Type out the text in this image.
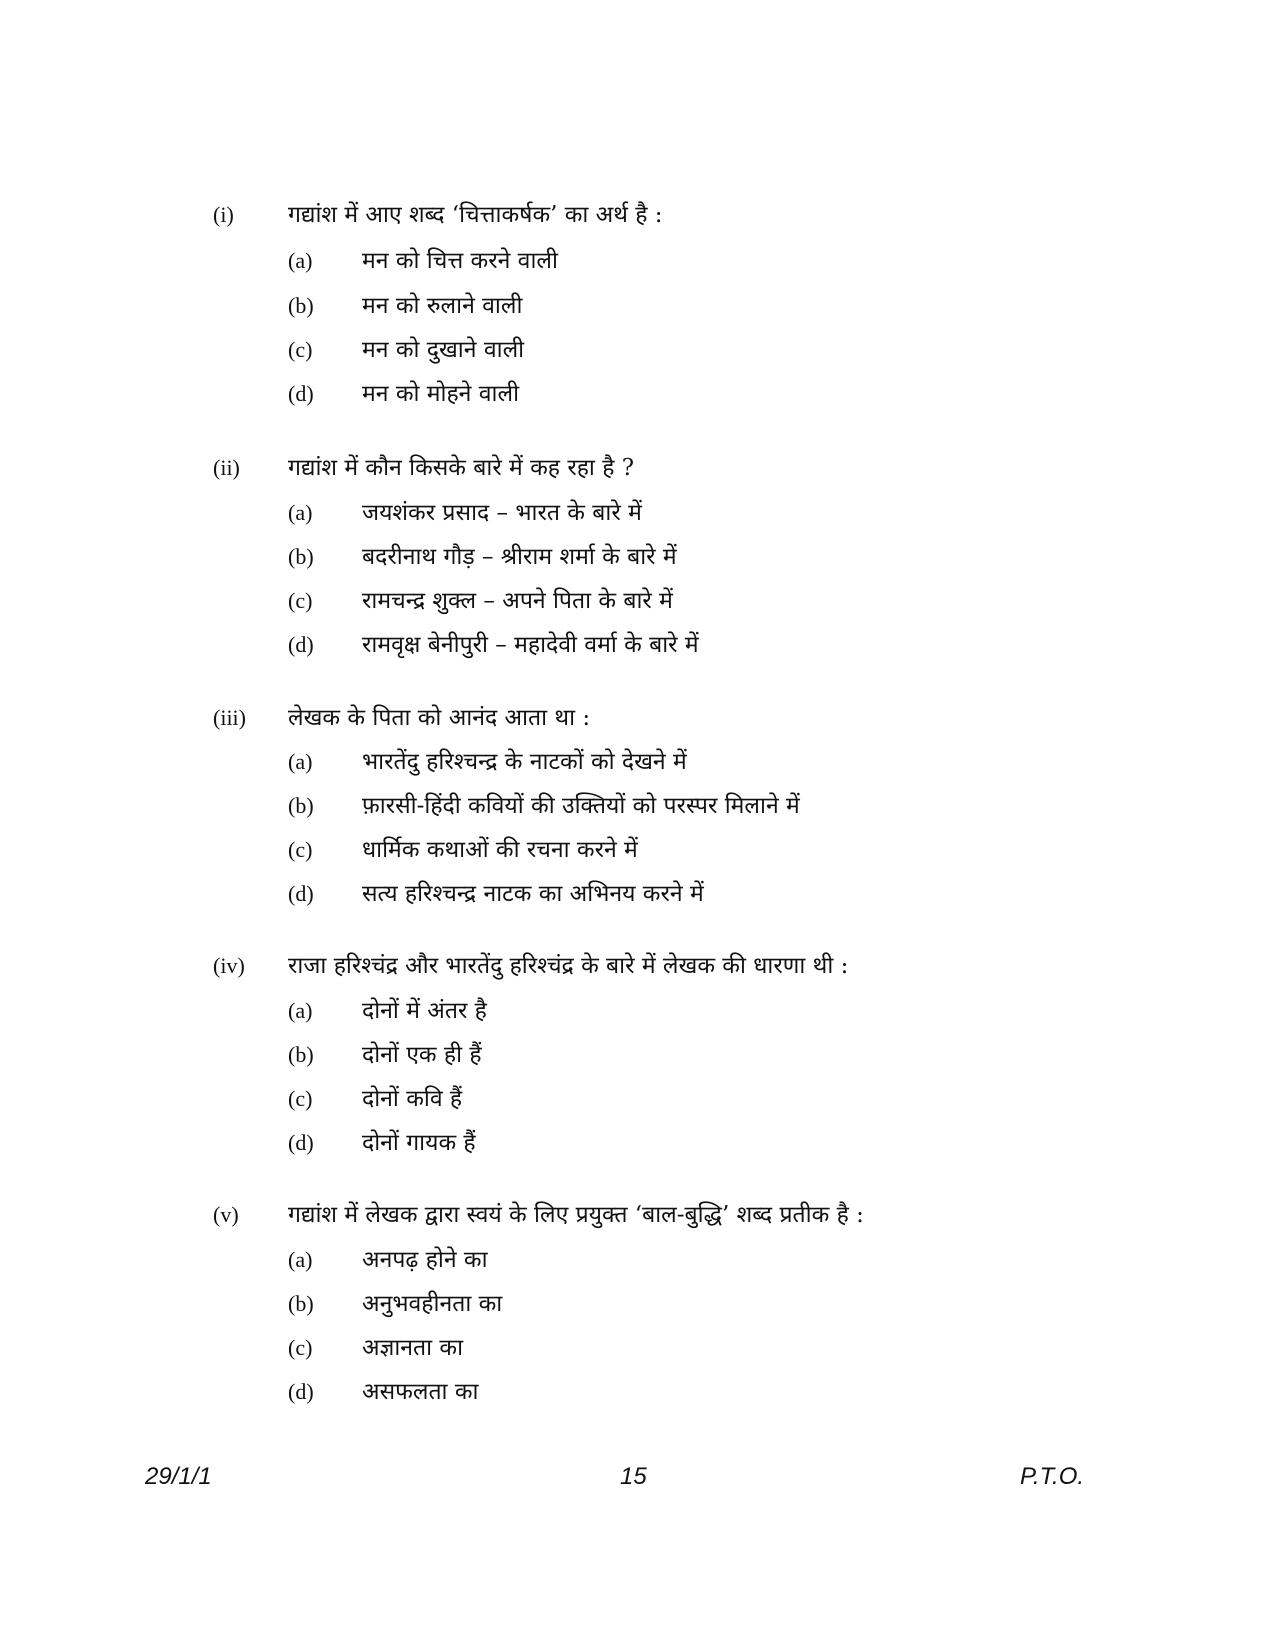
(i) गद्यांश में आए शब्द ‘चित्ताकर्षक’ का अर्थ है :
(a) मन को चित्त करने वाली
(b) मन को रुलाने वाली
(c) मन को दुखाने वाली
(d) मन को मोहने वाली
(ii) गद्यांश में कौन किसके बारे में कह रहा है ?
(a) जयशंकर प्रसाद – भारत के बारे में
(b) बदरीनाथ गौड़ – श्रीराम शर्मा के बारे में
(c) रामचन्द्र शुक्ल – अपने पिता के बारे में
(d) रामवृक्ष बेनीपुरी – महादेवी वर्मा के बारे में
(iii) लेखक के पिता को आनंद आता था :
(a) भारतेंदु हरिश्चन्द्र के नाटकों को देखने में
(b) फ़ारसी-हिंदी कवियों की उक्तियों को परस्पर मिलाने में
(c) धार्मिक कथाओं की रचना करने में
(d) सत्य हरिश्चन्द्र नाटक का अभिनय करने में
(iv) राजा हरिश्चंद्र और भारतेंदु हरिश्चंद्र के बारे में लेखक की धारणा थी :
(a) दोनों में अंतर है
(b) दोनों एक ही हैं
(c) दोनों कवि हैं
(d) दोनों गायक हैं
(v) गद्यांश में लेखक द्वारा स्वयं के लिए प्रयुक्त ‘बाल-बुद्धि’ शब्द प्रतीक है :
(a) अनपढ़ होने का
(b) अनुभवहीनता का
(c) अज्ञानता का
(d) असफलता का
29/1/1	15	P.T.O.
